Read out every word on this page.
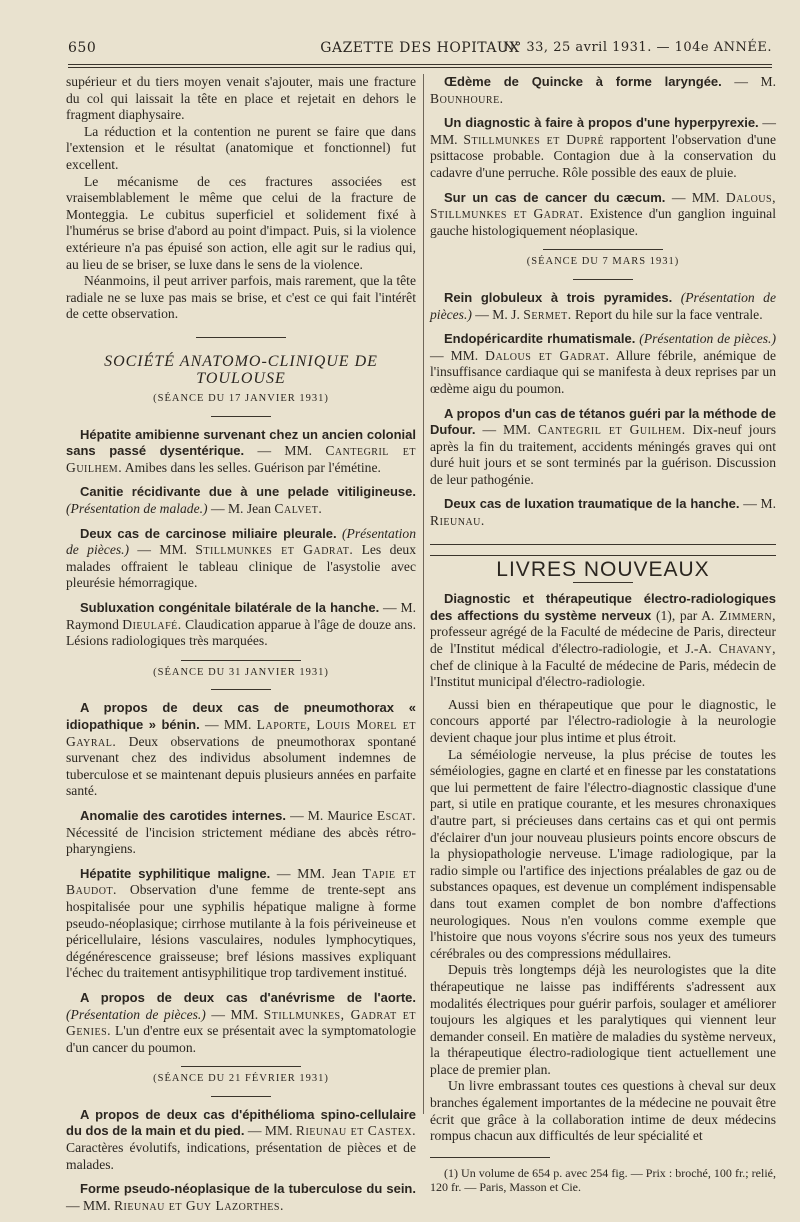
650	GAZETTE DES HOPITAUX
N° 33, 25 avril 1931. — 104e ANNÉE.

supérieur et du tiers moyen venait s'ajouter, mais une fracture du col qui laissait la tête en place et rejetait en dehors le fragment diaphysaire.

La réduction et la contention ne purent se faire que dans l'extension et le résultat (anatomique et fonctionnel) fut excellent.

Le mécanisme de ces fractures associées est vraisemblablement le même que celui de la fracture de Monteggia. Le cubitus superficiel et solidement fixé à l'humérus se brise d'abord au point d'impact. Puis, si la violence extérieure n'a pas épuisé son action, elle agit sur le radius qui, au lieu de se briser, se luxe dans le sens de la violence.

Néanmoins, il peut arriver parfois, mais rarement, que la tête radiale ne se luxe pas mais se brise, et c'est ce qui fait l'intérêt de cette observation.

SOCIÉTÉ ANATOMO-CLINIQUE DE TOULOUSE
(SÉANCE DU 17 JANVIER 1931)

Hépatite amibienne survenant chez un ancien colonial sans passé dysentérique. — MM. Cantegril et Guilhem. Amibes dans les selles. Guérison par l'émétine.

Canitie récidivante due à une pelade vitiligineuse. (Présentation de malade.) — M. Jean Calvet.

Deux cas de carcinose miliaire pleurale. (Présentation de pièces.) — MM. Stillmunkes et Gadrat. Les deux malades offraient le tableau clinique de l'asystolie avec pleurésie hémorragique.

Subluxation congénitale bilatérale de la hanche. — M. Raymond Dieulafé. Claudication apparue à l'âge de douze ans. Lésions radiologiques très marquées.

(SÉANCE DU 31 JANVIER 1931)

A propos de deux cas de pneumothorax « idiopathique » bénin. — MM. Laporte, Louis Morel et Gayral. Deux observations de pneumothorax spontané survenant chez des individus absolument indemnes de tuberculose et se maintenant depuis plusieurs années en parfaite santé.

Anomalie des carotides internes. — M. Maurice Escat. Nécessité de l'incision strictement médiane des abcès rétro-pharyngiens.

Hépatite syphilitique maligne. — MM. Jean Tapie et Baudot. Observation d'une femme de trente-sept ans hospitalisée pour une syphilis hépatique maligne à forme pseudo-néoplasique; cirrhose mutilante à la fois périveineuse et péricellulaire, lésions vasculaires, nodules lymphocytiques, dégénérescence graisseuse; bref lésions massives expliquant l'échec du traitement antisyphilitique trop tardivement institué.

A propos de deux cas d'anévrisme de l'aorte. (Présentation de pièces.) — MM. Stillmunkes, Gadrat et Genies. L'un d'entre eux se présentait avec la symptomatologie d'un cancer du poumon.

(SÉANCE DU 21 FÉVRIER 1931)

A propos de deux cas d'épithélioma spino-cellulaire du dos de la main et du pied. — MM. Rieunau et Castex. Caractères évolutifs, indications, présentation de pièces et de malades.

Forme pseudo-néoplasique de la tuberculose du sein. — MM. Rieunau et Guy Lazorthes.

Œdème de Quincke à forme laryngée. — M. Bounhoure.

Un diagnostic à faire à propos d'une hyperpyrexie. — MM. Stillmunkes et Dupré rapportent l'observation d'une psittacose probable. Contagion due à la conservation du cadavre d'une perruche. Rôle possible des eaux de pluie.

Sur un cas de cancer du cæcum. — MM. Dalous, Stillmunkes et Gadrat. Existence d'un ganglion inguinal gauche histologiquement néoplasique.

(SÉANCE DU 7 MARS 1931)

Rein globuleux à trois pyramides. (Présentation de pièces.) — M. J. Sermet. Report du hile sur la face ventrale.

Endopéricardite rhumatismale. (Présentation de pièces.) — MM. Dalous et Gadrat. Allure fébrile, anémique de l'insuffisance cardiaque qui se manifesta à deux reprises par un œdème aigu du poumon.

A propos d'un cas de tétanos guéri par la méthode de Dufour. — MM. Cantegril et Guilhem. Dix-neuf jours après la fin du traitement, accidents méningés graves qui ont duré huit jours et se sont terminés par la guérison. Discussion de leur pathogénie.

Deux cas de luxation traumatique de la hanche. — M. Rieunau.

LIVRES NOUVEAUX

Diagnostic et thérapeutique électro-radiologiques des affections du système nerveux (1), par A. Zimmern, professeur agrégé de la Faculté de médecine de Paris, directeur de l'Institut médical d'électro-radiologie, et J.-A. Chavany, chef de clinique à la Faculté de médecine de Paris, médecin de l'Institut municipal d'électro-radiologie.

Aussi bien en thérapeutique que pour le diagnostic, le concours apporté par l'électro-radiologie à la neurologie devient chaque jour plus intime et plus étroit.

La séméiologie nerveuse, la plus précise de toutes les séméiologies, gagne en clarté et en finesse par les constatations que lui permettent de faire l'électro-diagnostic classique d'une part, si utile en pratique courante, et les mesures chronaxiques d'autre part, si précieuses dans certains cas et qui ont permis d'éclairer d'un jour nouveau plusieurs points encore obscurs de la physiopathologie nerveuse. L'image radiologique, par la radio simple ou l'artifice des injections préalables de gaz ou de substances opaques, est devenue un complément indispensable dans tout examen complet de bon nombre d'affections neurologiques. Nous n'en voulons comme exemple que l'histoire que nous voyons s'écrire sous nos yeux des tumeurs cérébrales ou des compressions médullaires.

Depuis très longtemps déjà les neurologistes que la dite thérapeutique ne laisse pas indifférents s'adressent aux modalités électriques pour guérir parfois, soulager et améliorer toujours les algiques et les paralytiques qui viennent leur demander conseil. En matière de maladies du système nerveux, la thérapeutique électro-radiologique tient actuellement une place de premier plan.

Un livre embrassant toutes ces questions à cheval sur deux branches également importantes de la médecine ne pouvait être écrit que grâce à la collaboration intime de deux médecins rompus chacun aux difficultés de leur spécialité et

(1) Un volume de 654 p. avec 254 fig. — Prix : broché, 100 fr.; relié, 120 fr. — Paris, Masson et Cie.
